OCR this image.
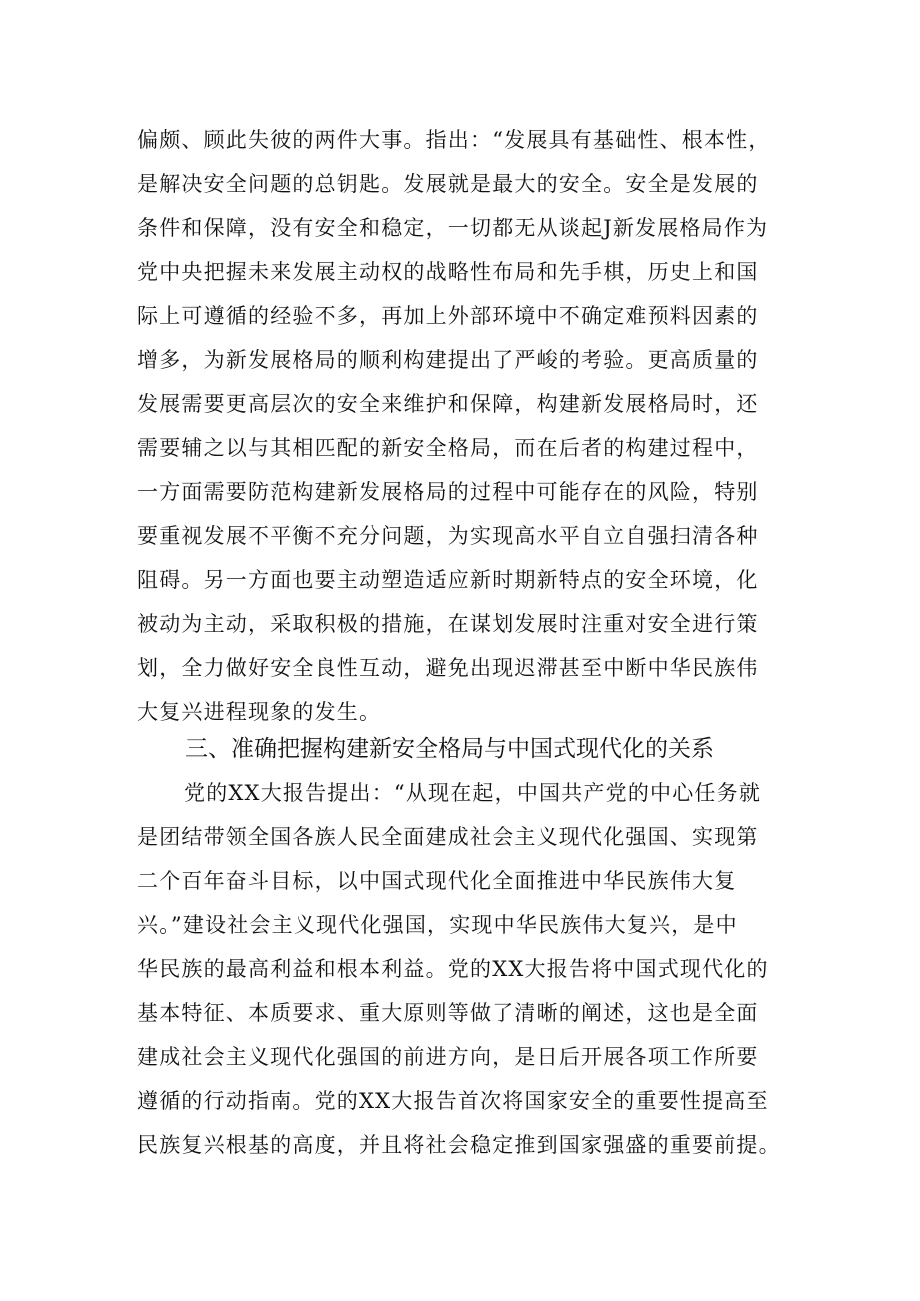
偏颇、顾此失彼的两件大事。指出：“发展具有基础性、根本性，
是解决安全问题的总钥匙。发展就是最大的安全。安全是发展的
条件和保障，没有安全和稳定，一切都无从谈起J新发展格局作为
党中央把握未来发展主动权的战略性布局和先手棋，历史上和国
际上可遵循的经验不多，再加上外部环境中不确定难预料因素的
增多，为新发展格局的顺利构建提出了严峻的考验。更高质量的
发展需要更高层次的安全来维护和保障，构建新发展格局时，还
需要辅之以与其相匹配的新安全格局，而在后者的构建过程中，
一方面需要防范构建新发展格局的过程中可能存在的风险，特别
要重视发展不平衡不充分问题，为实现高水平自立自强扫清各种
阻碍。另一方面也要主动塑造适应新时期新特点的安全环境，化
被动为主动，采取积极的措施，在谋划发展时注重对安全进行策
划，全力做好安全良性互动，避免出现迟滞甚至中断中华民族伟
大复兴进程现象的发生。
三、准确把握构建新安全格局与中国式现代化的关系
党的XX大报告提出：“从现在起，中国共产党的中心任务就
是团结带领全国各族人民全面建成社会主义现代化强国、实现第
二个百年奋斗目标，以中国式现代化全面推进中华民族伟大复
兴。”建设社会主义现代化强国，实现中华民族伟大复兴，是中
华民族的最高利益和根本利益。党的XX大报告将中国式现代化的
基本特征、本质要求、重大原则等做了清晰的阐述，这也是全面
建成社会主义现代化强国的前进方向，是日后开展各项工作所要
遵循的行动指南。党的XX大报告首次将国家安全的重要性提高至
民族复兴根基的高度，并且将社会稳定推到国家强盛的重要前提。
